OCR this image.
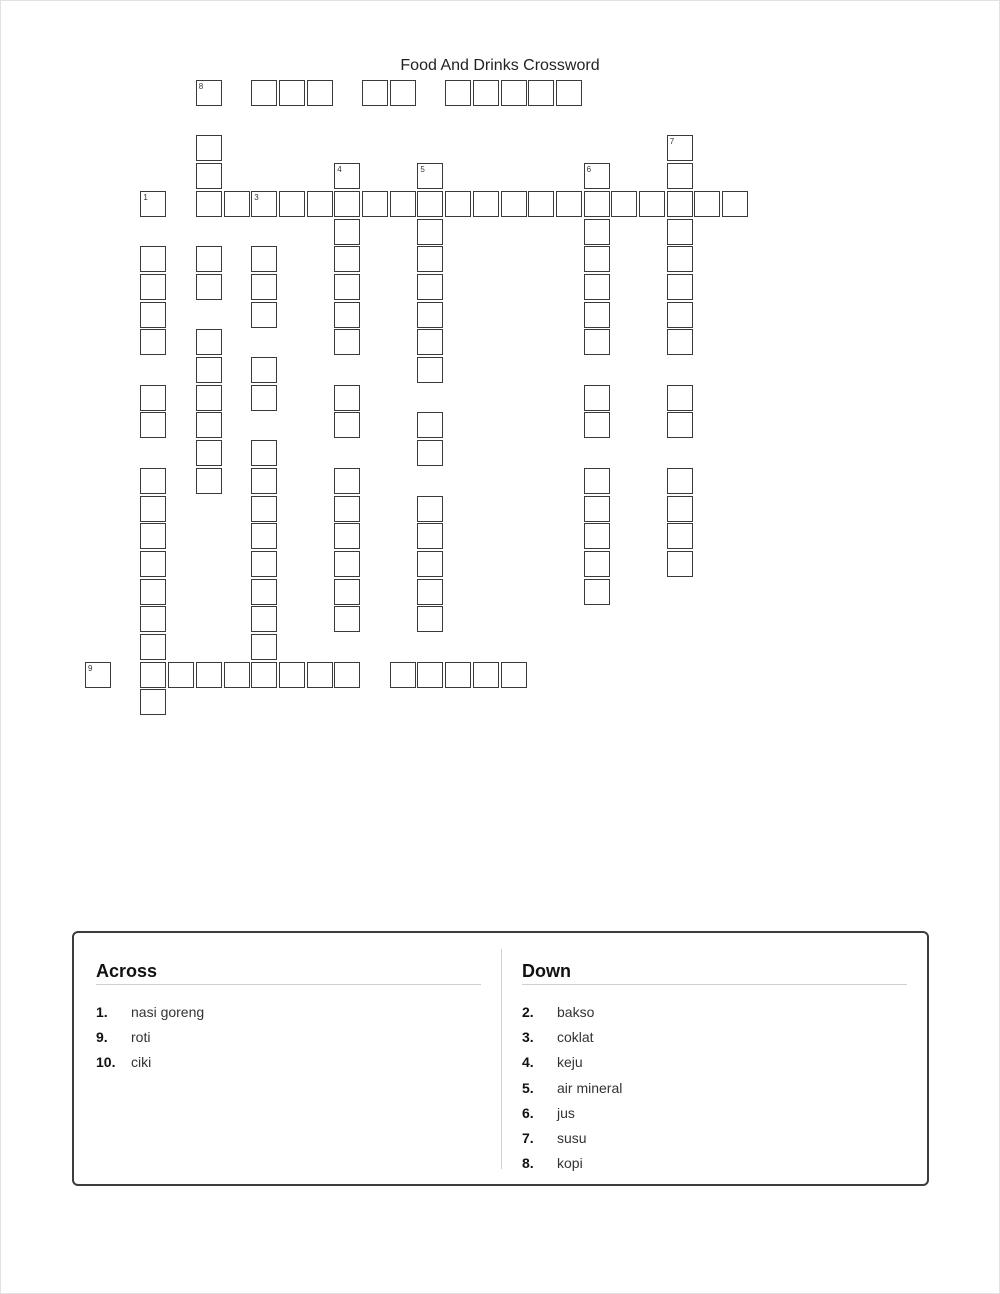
Food And Drinks Crossword
8
1	3
9
4	5	6
7
Across
1.	nasi goreng
9.	roti
10.	ciki
Down
2.	bakso
3.	coklat
4.	keju
5.	air mineral
6.	jus
7.	susu
8.	kopi
